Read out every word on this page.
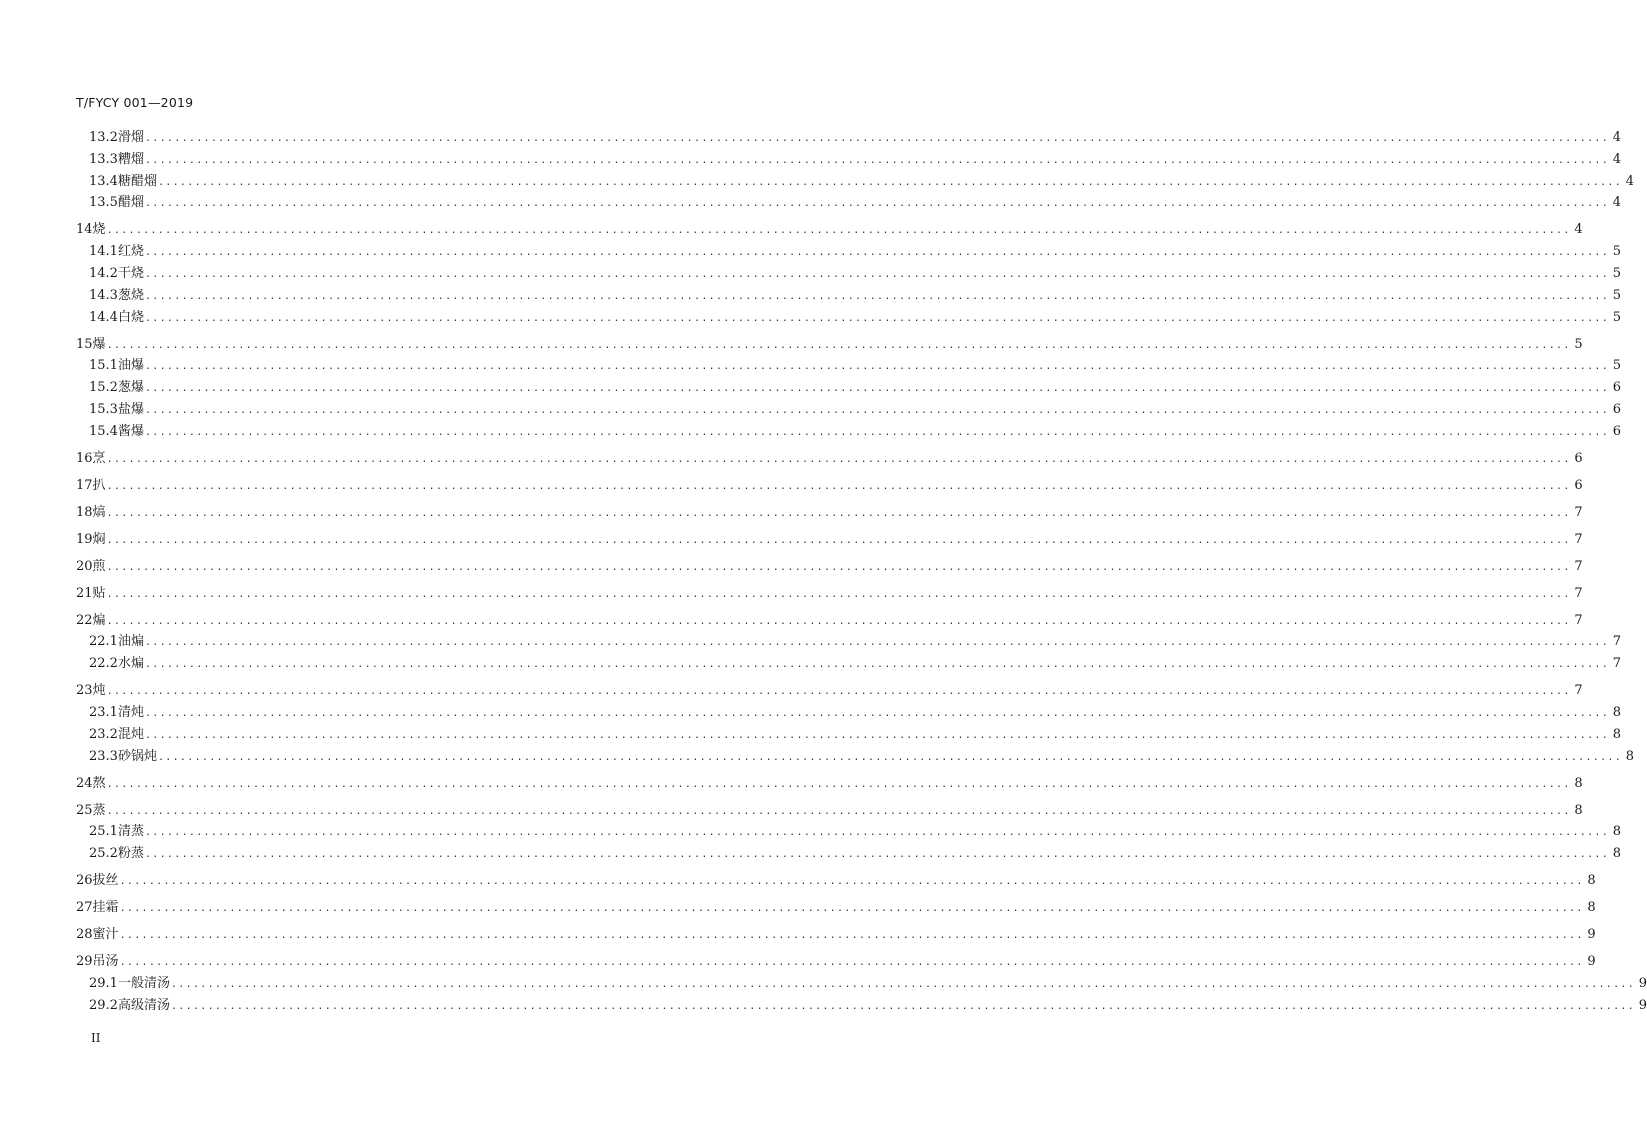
T/FYCY 001—2019
13.2 滑熘 ........................................................................................................................................................................................................ 4
13.3 糟熘 ........................................................................................................................................................................................................ 4
13.4 糖醋熘 ........................................................................................................................................................................................................ 4
13.5 醋熘 ........................................................................................................................................................................................................ 4
14 烧 ........................................................................................................................................................................................................ 4
14.1 红烧 ........................................................................................................................................................................................................ 5
14.2 干烧 ........................................................................................................................................................................................................ 5
14.3 葱烧 ........................................................................................................................................................................................................ 5
14.4 白烧 ........................................................................................................................................................................................................ 5
15 爆 ........................................................................................................................................................................................................ 5
15.1 油爆 ........................................................................................................................................................................................................ 5
15.2 葱爆 ........................................................................................................................................................................................................ 6
15.3 盐爆 ........................................................................................................................................................................................................ 6
15.4 酱爆 ........................................................................................................................................................................................................ 6
16 烹 ........................................................................................................................................................................................................ 6
17 扒 ........................................................................................................................................................................................................ 6
18 熇 ........................................................................................................................................................................................................ 7
19 焖 ........................................................................................................................................................................................................ 7
20 煎 ........................................................................................................................................................................................................ 7
21 贴 ........................................................................................................................................................................................................ 7
22 煸 ........................................................................................................................................................................................................ 7
22.1 油煸 ........................................................................................................................................................................................................ 7
22.2 水煸 ........................................................................................................................................................................................................ 7
23 炖 ........................................................................................................................................................................................................ 7
23.1 清炖 ........................................................................................................................................................................................................ 8
23.2 混炖 ........................................................................................................................................................................................................ 8
23.3 砂锅炖 ........................................................................................................................................................................................................ 8
24 熬 ........................................................................................................................................................................................................ 8
25 蒸 ........................................................................................................................................................................................................ 8
25.1 清蒸 ........................................................................................................................................................................................................ 8
25.2 粉蒸 ........................................................................................................................................................................................................ 8
26 拔丝 ........................................................................................................................................................................................................ 8
27 挂霜 ........................................................................................................................................................................................................ 8
28 蜜汁 ........................................................................................................................................................................................................ 9
29 吊汤 ........................................................................................................................................................................................................ 9
29.1 一般清汤 ........................................................................................................................................................................................................ 9
29.2 高级清汤 ........................................................................................................................................................................................................ 9
II
